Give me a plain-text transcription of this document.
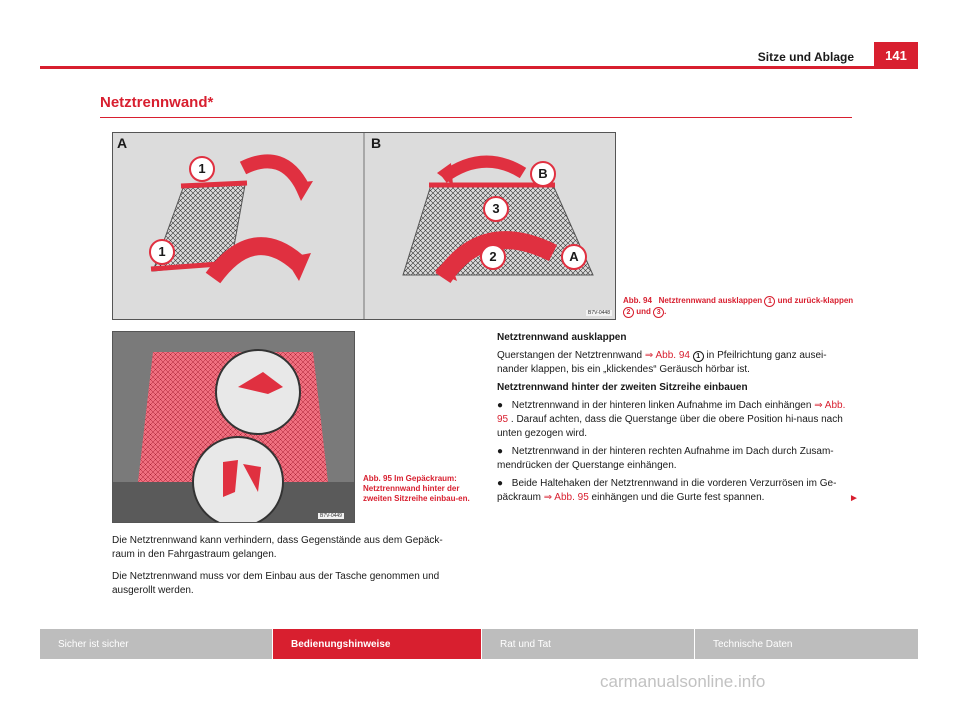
Sitze und Ablage	141
Netztrennwand*
A	B
1
1
B
3
2	A
B7V-0448
Abb. 94 Netztrennwand ausklappen 1 und zurück-klappen 2 und 3 .
B7V-0449
Abb. 95 Im Gepäckraum: Netztrennwand hinter der zweiten Sitzreihe einbau-en.

Die Netztrennwand kann verhindern, dass Gegenstände aus dem Gepäck-raum in den Fahrgastraum gelangen.

Die Netztrennwand muss vor dem Einbau aus der Tasche genommen und ausgerollt werden.

Netztrennwand ausklappen

Querstangen der Netztrennwand ⇒ Abb. 94 1 in Pfeilrichtung ganz ausei-nander klappen, bis ein „klickendes“ Geräusch hörbar ist.

Netztrennwand hinter der zweiten Sitzreihe einbauen

● Netztrennwand in der hinteren linken Aufnahme im Dach einhängen ⇒ Abb. 95 . Darauf achten, dass die Querstange über die obere Position hi-naus nach unten gezogen wird.

● Netztrennwand in der hinteren rechten Aufnahme im Dach durch Zusam-mendrücken der Querstange einhängen.

● Beide Haltehaken der Netztrennwand in die vorderen Verzurrösen im Ge-päckraum ⇒ Abb. 95 einhängen und die Gurte fest spannen.	►
Sicher ist sicher	Bedienungshinweise	Rat und Tat	Technische Daten
carmanualsonline.info
